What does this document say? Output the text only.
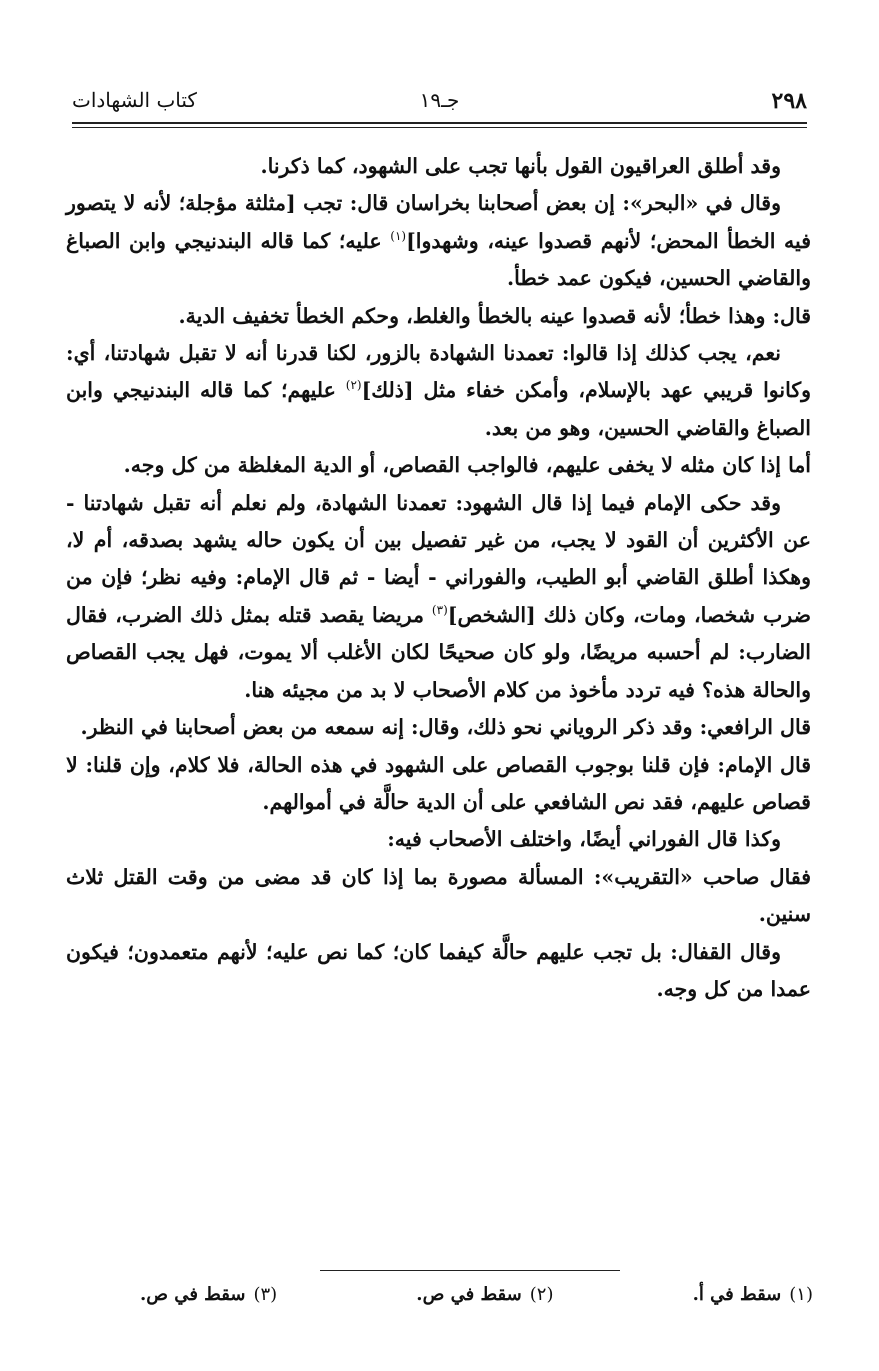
٢٩٨
جـ١٩
كتاب الشهادات

وقد أطلق العراقيون القول بأنها تجب على الشهود، كما ذكرنا.

وقال في «البحر»: إن بعض أصحابنا بخراسان قال: تجب [مثلثة مؤجلة؛ لأنه لا يتصور فيه الخطأ المحض؛ لأنهم قصدوا عينه، وشهدوا]$^{(١)}$ عليه؛ كما قاله البندنيجي وابن الصباغ والقاضي الحسين، فيكون عمد خطأ.

قال: وهذا خطأ؛ لأنه قصدوا عينه بالخطأ والغلط، وحكم الخطأ تخفيف الدية.

نعم، يجب كذلك إذا قالوا: تعمدنا الشهادة بالزور، لكنا قدرنا أنه لا تقبل شهادتنا، أي: وكانوا قريبي عهد بالإسلام، وأمكن خفاء مثل [ذلك]$^{(٢)}$ عليهم؛ كما قاله البندنيجي وابن الصباغ والقاضي الحسين، وهو من بعد.

أما إذا كان مثله لا يخفى عليهم، فالواجب القصاص، أو الدية المغلظة من كل وجه.

وقد حكى الإمام فيما إذا قال الشهود: تعمدنا الشهادة، ولم نعلم أنه تقبل شهادتنا - عن الأكثرين أن القود لا يجب، من غير تفصيل بين أن يكون حاله يشهد بصدقه، أم لا، وهكذا أطلق القاضي أبو الطيب، والفوراني - أيضا - ثم قال الإمام: وفيه نظر؛ فإن من ضرب شخصا، ومات، وكان ذلك [الشخص]$^{(٣)}$ مريضا يقصد قتله بمثل ذلك الضرب، فقال الضارب: لم أحسبه مريضًا، ولو كان صحيحًا لكان الأغلب ألا يموت، فهل يجب القصاص والحالة هذه؟ فيه تردد مأخوذ من كلام الأصحاب لا بد من مجيئه هنا.

قال الرافعي: وقد ذكر الروياني نحو ذلك، وقال: إنه سمعه من بعض أصحابنا في النظر.

قال الإمام: فإن قلنا بوجوب القصاص على الشهود في هذه الحالة، فلا كلام، وإن قلنا: لا قصاص عليهم، فقد نص الشافعي على أن الدية حالَّة في أموالهم.

وكذا قال الفوراني أيضًا، واختلف الأصحاب فيه:

فقال صاحب «التقريب»: المسألة مصورة بما إذا كان قد مضى من وقت القتل ثلاث سنين.

وقال القفال: بل تجب عليهم حالَّة كيفما كان؛ كما نص عليه؛ لأنهم متعمدون؛ فيكون عمدا من كل وجه.

(١)سقط في أ.
(٢)سقط في ص.
(٣)سقط في ص.
